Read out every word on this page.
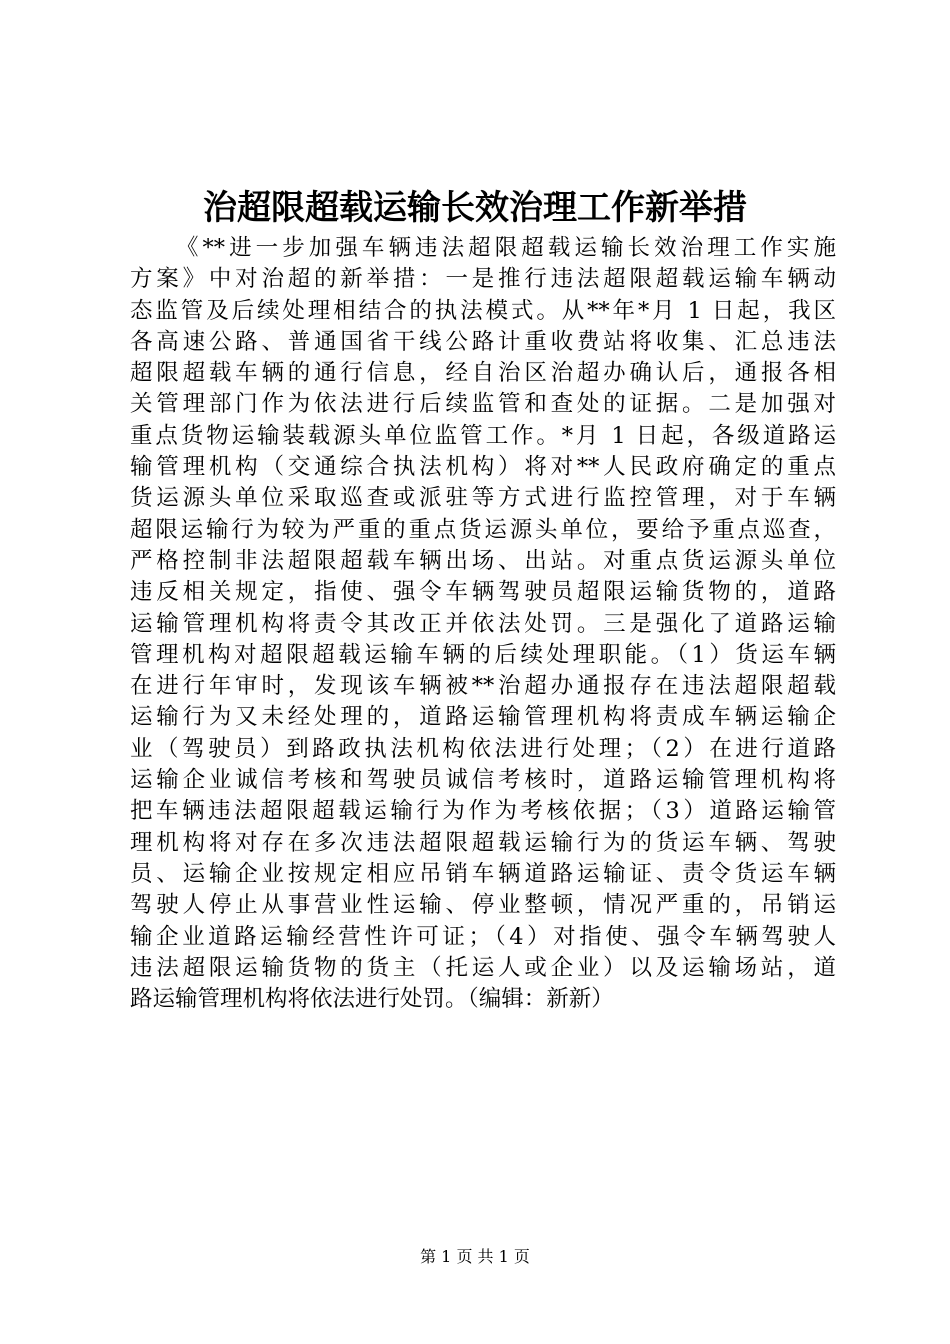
治超限超载运输长效治理工作新举措
《**进一步加强车辆违法超限超载运输长效治理工作实施
方案》中对治超的新举措：一是推行违法超限超载运输车辆动
态监管及后续处理相结合的执法模式。从**年*月 1 日起，我区
各高速公路、普通国省干线公路计重收费站将收集、汇总违法
超限超载车辆的通行信息，经自治区治超办确认后，通报各相
关管理部门作为依法进行后续监管和查处的证据。二是加强对
重点货物运输装载源头单位监管工作。*月 1 日起，各级道路运
输管理机构（交通综合执法机构）将对**人民政府确定的重点
货运源头单位采取巡查或派驻等方式进行监控管理，对于车辆
超限运输行为较为严重的重点货运源头单位，要给予重点巡查，
严格控制非法超限超载车辆出场、出站。对重点货运源头单位
违反相关规定，指使、强令车辆驾驶员超限运输货物的，道路
运输管理机构将责令其改正并依法处罚。三是强化了道路运输
管理机构对超限超载运输车辆的后续处理职能。（1）货运车辆
在进行年审时，发现该车辆被**治超办通报存在违法超限超载
运输行为又未经处理的，道路运输管理机构将责成车辆运输企
业（驾驶员）到路政执法机构依法进行处理；（2）在进行道路
运输企业诚信考核和驾驶员诚信考核时，道路运输管理机构将
把车辆违法超限超载运输行为作为考核依据；（3）道路运输管
理机构将对存在多次违法超限超载运输行为的货运车辆、驾驶
员、运输企业按规定相应吊销车辆道路运输证、责令货运车辆
驾驶人停止从事营业性运输、停业整顿，情况严重的，吊销运
输企业道路运输经营性许可证；（4）对指使、强令车辆驾驶人
违法超限运输货物的货主（托运人或企业）以及运输场站，道
路运输管理机构将依法进行处罚。（编辑：新新）
第 1 页 共 1 页
